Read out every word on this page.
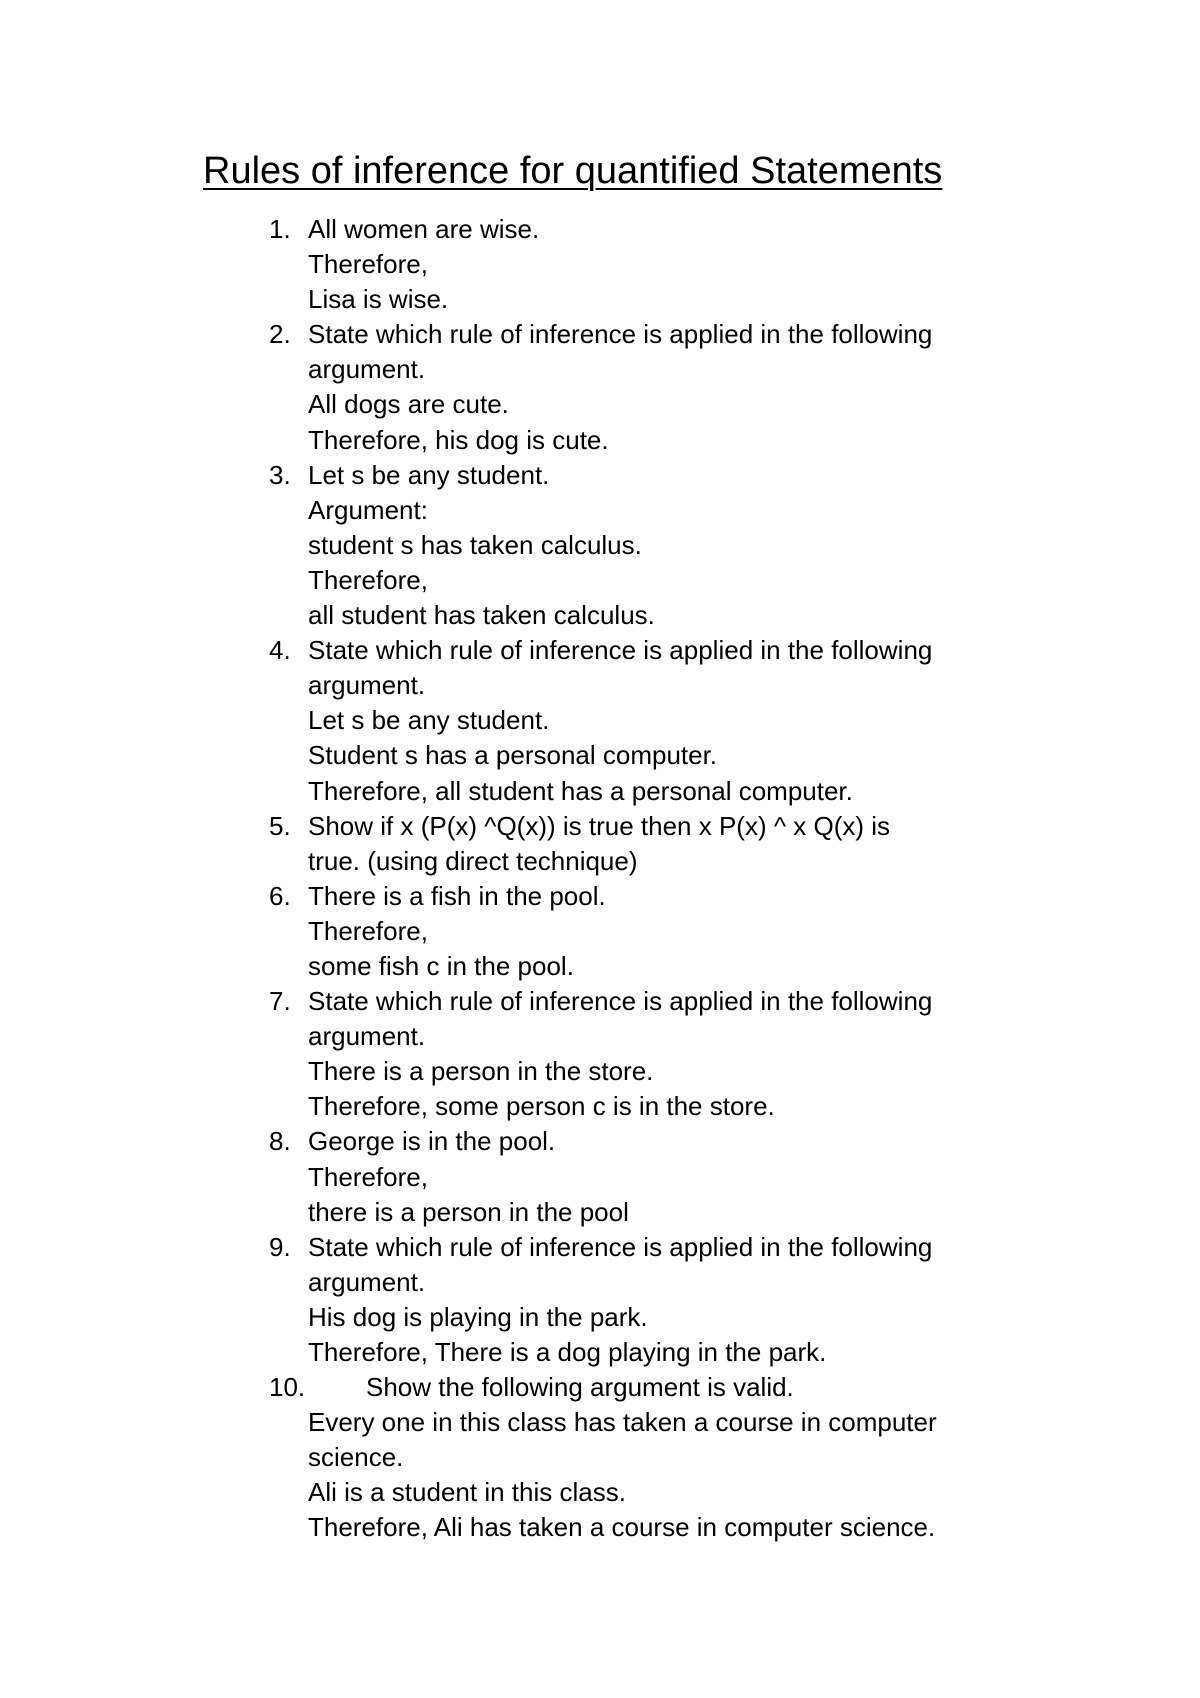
Rules of inference for quantified Statements
1. All women are wise.
Therefore,
Lisa is wise.
2. State which rule of inference is applied in the following
argument.
All dogs are cute.
Therefore, his dog is cute.
3. Let s be any student.
Argument:
student s has taken calculus.
Therefore,
all student has taken calculus.
4. State which rule of inference is applied in the following
argument.
Let s be any student.
Student s has a personal computer.
Therefore, all student has a personal computer.
5. Show if x (P(x) ^Q(x)) is true then x P(x) ^ x Q(x) is
true. (using direct technique)
6. There is a fish in the pool.
Therefore,
some fish c in the pool.
7. State which rule of inference is applied in the following
argument.
There is a person in the store.
Therefore, some person c is in the store.
8. George is in the pool.
Therefore,
there is a person in the pool
9. State which rule of inference is applied in the following
argument.
His dog is playing in the park.
Therefore, There is a dog playing in the park.
10. Show the following argument is valid.
Every one in this class has taken a course in computer
science.
Ali is a student in this class.
Therefore, Ali has taken a course in computer science.
